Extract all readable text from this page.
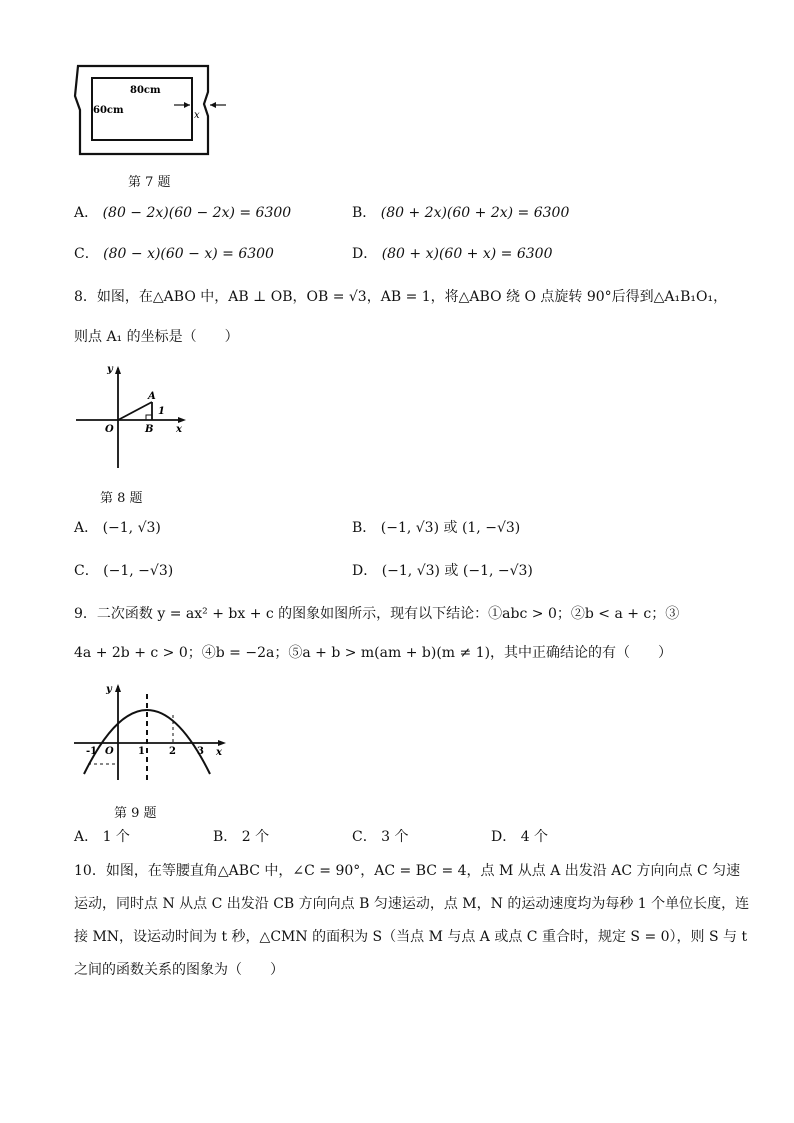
80cm
60cm	x
第 7 题
A． (80 − 2x)(60 − 2x) = 6300	B． (80 + 2x)(60 + 2x) = 6300
C． (80 − x)(60 − x) = 6300	D． (80 + x)(60 + x) = 6300
8．如图，在△ABO 中，AB ⊥ OB，OB = √3，AB = 1，将△ABO 绕 O 点旋转 90°后得到△A₁B₁O₁，
则点 A₁ 的坐标是（　　）
y
x
O
A
B
1
第 8 题
A． (−1, √3)	B． (−1, √3) 或 (1, −√3)
C． (−1, −√3)	D． (−1, √3) 或 (−1, −√3)
9．二次函数 y = ax² + bx + c 的图象如图所示，现有以下结论：①abc > 0；②b < a + c；③
4a + 2b + c > 0；④b = −2a；⑤a + b > m(am + b)(m ≠ 1)，其中正确结论的有（　　）
y
x
-1 O 1 2 3
第 9 题
A． 1 个	B． 2 个	C． 3 个	D． 4 个
10．如图，在等腰直角△ABC 中，∠C = 90°，AC = BC = 4，点 M 从点 A 出发沿 AC 方向向点 C 匀速
运动，同时点 N 从点 C 出发沿 CB 方向向点 B 匀速运动，点 M，N 的运动速度均为每秒 1 个单位长度，连
接 MN，设运动时间为 t 秒，△CMN 的面积为 S（当点 M 与点 A 或点 C 重合时，规定 S = 0），则 S 与 t
之间的函数关系的图象为（　　）
